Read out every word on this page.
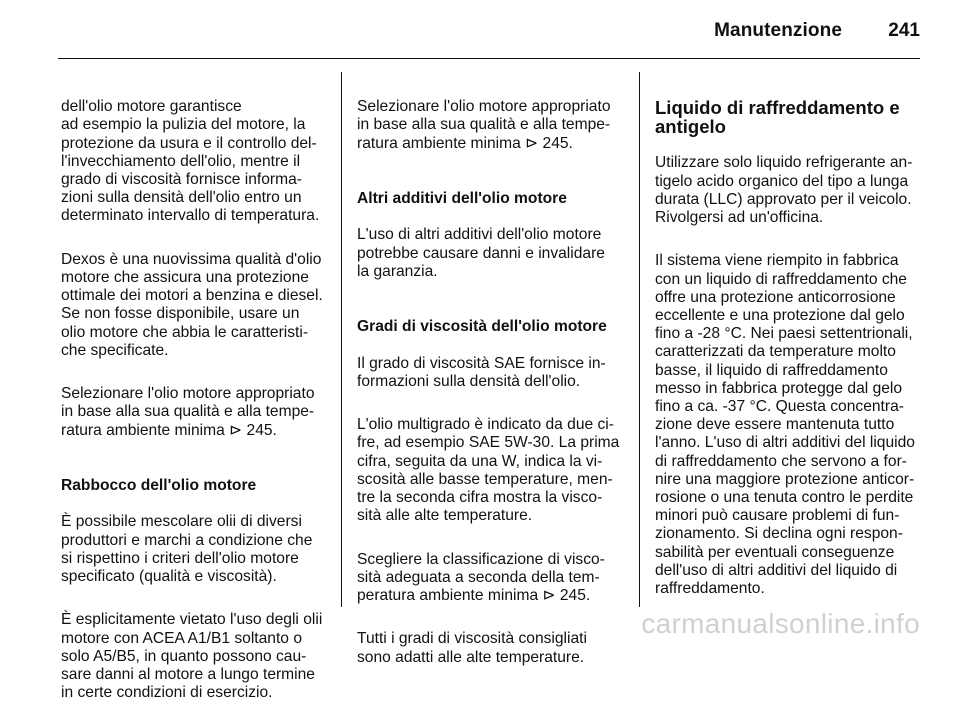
Manutenzione 241

dell'olio motore garantisce
ad esempio la pulizia del motore, la
protezione da usura e il controllo del-
l'invecchiamento dell'olio, mentre il
grado di viscosità fornisce informa-
zioni sulla densità dell'olio entro un
determinato intervallo di temperatura.

Dexos è una nuovissima qualità d'olio
motore che assicura una protezione
ottimale dei motori a benzina e diesel.
Se non fosse disponibile, usare un
olio motore che abbia le caratteristi-
che specificate.

Selezionare l'olio motore appropriato
in base alla sua qualità e alla tempe-
ratura ambiente minima ⊳ 245.

Rabbocco dell'olio motore

È possibile mescolare olii di diversi
produttori e marchi a condizione che
si rispettino i criteri dell'olio motore
specificato (qualità e viscosità).

È esplicitamente vietato l'uso degli olii
motore con ACEA A1/B1 soltanto o
solo A5/B5, in quanto possono cau-
sare danni al motore a lungo termine
in certe condizioni di esercizio.

Selezionare l'olio motore appropriato
in base alla sua qualità e alla tempe-
ratura ambiente minima ⊳ 245.

Altri additivi dell'olio motore

L'uso di altri additivi dell'olio motore
potrebbe causare danni e invalidare
la garanzia.

Gradi di viscosità dell'olio motore

Il grado di viscosità SAE fornisce in-
formazioni sulla densità dell'olio.

L'olio multigrado è indicato da due ci-
fre, ad esempio SAE 5W-30. La prima
cifra, seguita da una W, indica la vi-
scosità alle basse temperature, men-
tre la seconda cifra mostra la visco-
sità alle alte temperature.

Scegliere la classificazione di visco-
sità adeguata a seconda della tem-
peratura ambiente minima ⊳ 245.

Tutti i gradi di viscosità consigliati
sono adatti alle alte temperature.

Liquido di raffreddamento e
antigelo

Utilizzare solo liquido refrigerante an-
tigelo acido organico del tipo a lunga
durata (LLC) approvato per il veicolo.
Rivolgersi ad un'officina.

Il sistema viene riempito in fabbrica
con un liquido di raffreddamento che
offre una protezione anticorrosione
eccellente e una protezione dal gelo
fino a -28 °C. Nei paesi settentrionali,
caratterizzati da temperature molto
basse, il liquido di raffreddamento
messo in fabbrica protegge dal gelo
fino a ca. -37 °C. Questa concentra-
zione deve essere mantenuta tutto
l'anno. L'uso di altri additivi del liquido
di raffreddamento che servono a for-
nire una maggiore protezione anticor-
rosione o una tenuta contro le perdite
minori può causare problemi di fun-
zionamento. Si declina ogni respon-
sabilità per eventuali conseguenze
dell'uso di altri additivi del liquido di
raffreddamento.

carmanualsonline.info
